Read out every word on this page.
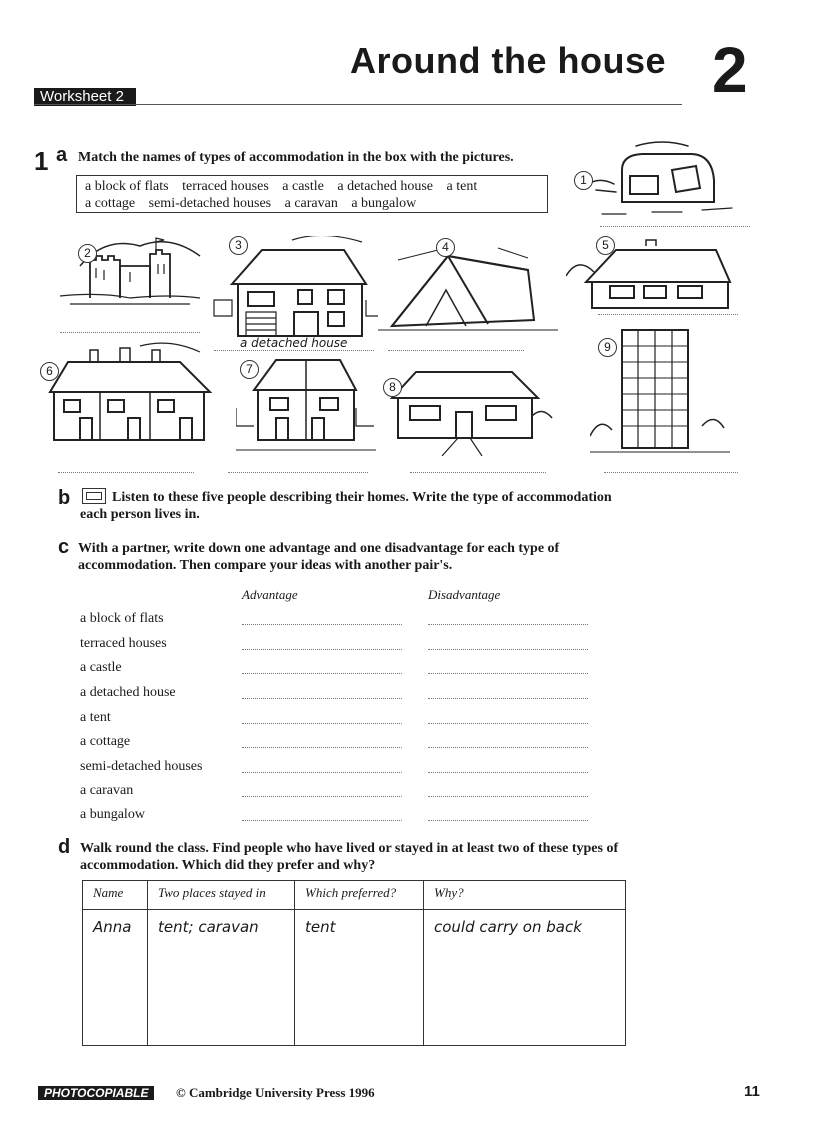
Around the house 2
Worksheet 2
1 a Match the names of types of accommodation in the box with the pictures.
a block of flats terraced houses a castle a detached house a tent
a cottage semi-detached houses a caravan a bungalow
1
2
3
a detached house
4	5
6	7
8
9
b	Listen to these five people describing their homes. Write the type of accommodation each person lives in.
c With a partner, write down one advantage and one disadvantage for each type of accommodation. Then compare your ideas with another pair's.
Advantage	Disadvantage
a block of flats
terraced houses
a castle
a detached house
a tent
a cottage
semi-detached houses
a caravan
a bungalow
d Walk round the class. Find people who have lived or stayed in at least two of these types of accommodation. Which did they prefer and why?
Name	Two places stayed in	Which preferred?	Why?
Anna	tent; caravan	tent	could carry on back
PHOTOCOPIABLE	© Cambridge University Press 1996	11
